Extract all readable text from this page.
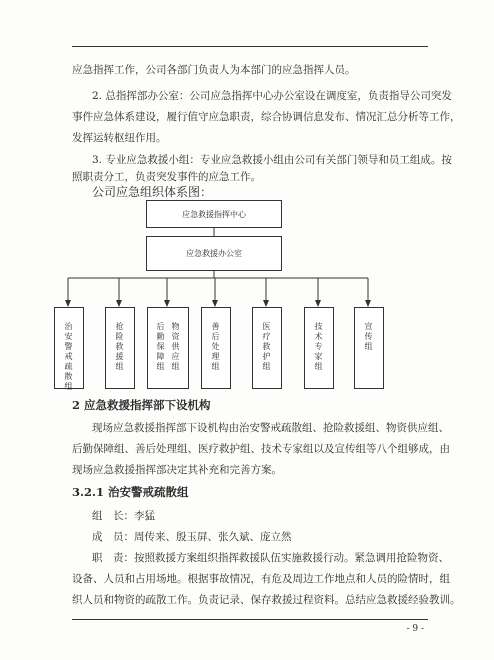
应急指挥工作，公司各部门负责人为本部门的应急指挥人员。
2. 总指挥部办公室：公司应急指挥中心办公室设在调度室，负责指导公司突发
事件应急体系建设，履行值守应急职责，综合协调信息发布、情况汇总分析等工作，
发挥运转枢纽作用。
3. 专业应急救援小组：专业应急救援小组由公司有关部门领导和员工组成。按
照职责分工，负责突发事件的应急工作。
公司应急组织体系图：
应急救援指挥中心
应急救援办公室
治安警戒疏散组
抢险救援组
后勤保障组
物资供应组
善后处理组
医疗救护组
技术专家组
宣传组
2 应急救援指挥部下设机构
现场应急救援指挥部下设机构由治安警戒疏散组、抢险救援组、物资供应组、
后勤保障组、善后处理组、医疗救护组、技术专家组以及宣传组等八个组够成，由
现场应急救援指挥部决定其补充和完善方案。
3.2.1 治安警戒疏散组
组　长：李猛
成　员：周传来、殷玉屏、张久斌、庞立然
职　责：按照救援方案组织指挥救援队伍实施救援行动。紧急调用抢险物资、
设备、人员和占用场地。根据事故情况，有危及周边工作地点和人员的险情时，组
织人员和物资的疏散工作。负责记录、保存救援过程资料。总结应急救援经验教训。
- 9 -
